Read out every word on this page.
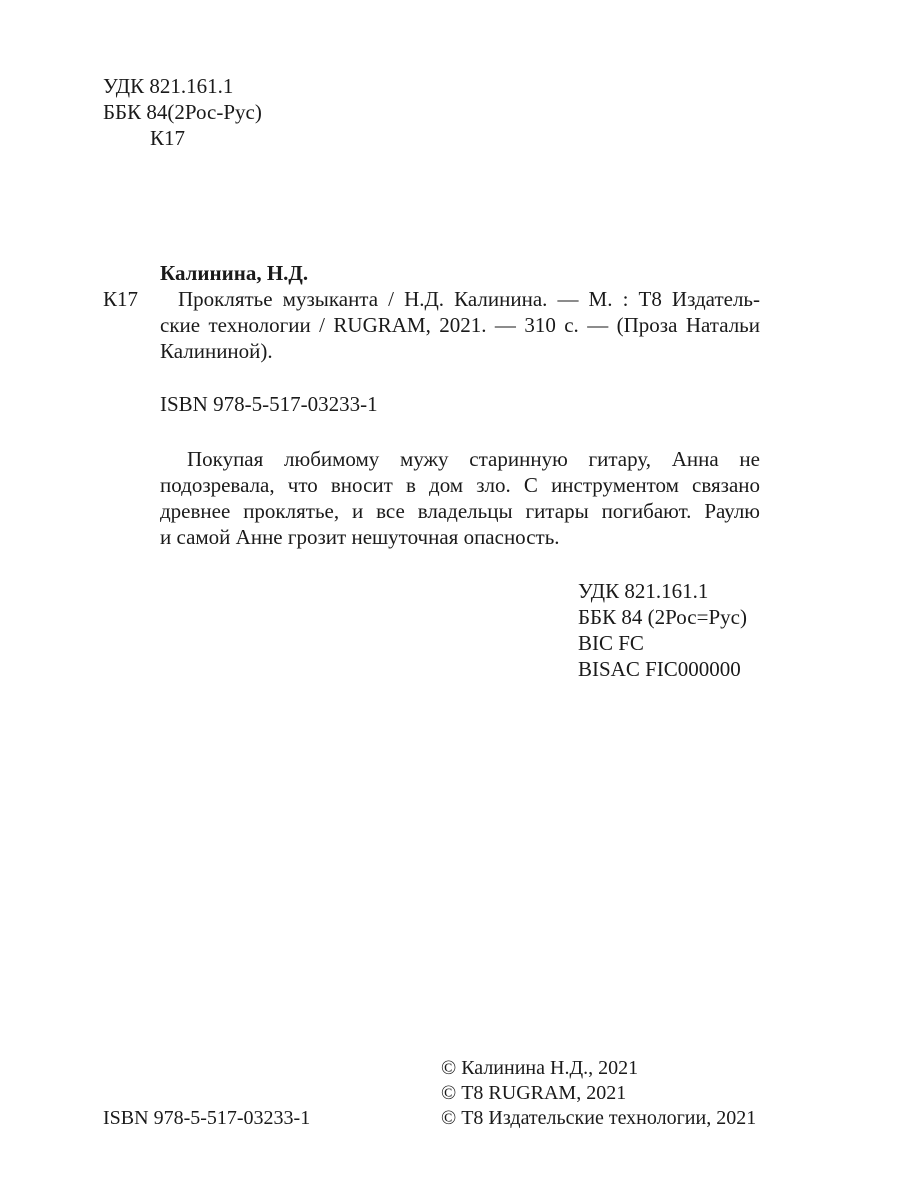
УДК 821.161.1
ББК 84(2Рос-Рус)
К17
Калинина, Н.Д.
К17 Проклятье музыканта / Н.Д. Калинина. — М. : Т8 Издатель-
ские технологии / RUGRAM, 2021. — 310 с. — (Проза Натальи
Калининой).
ISBN 978-5-517-03233-1
Покупая любимому мужу старинную гитару, Анна не
подозревала, что вносит в дом зло. С инструментом связано
древнее проклятье, и все владельцы гитары погибают. Раулю
и самой Анне грозит нешуточная опасность.
УДК 821.161.1
ББК 84 (2Рос=Рус)
BIC FC
BISAC FIC000000
ISBN 978-5-517-03233-1
© Калинина Н.Д., 2021
© Т8 RUGRAM, 2021
© Т8 Издательские технологии, 2021
